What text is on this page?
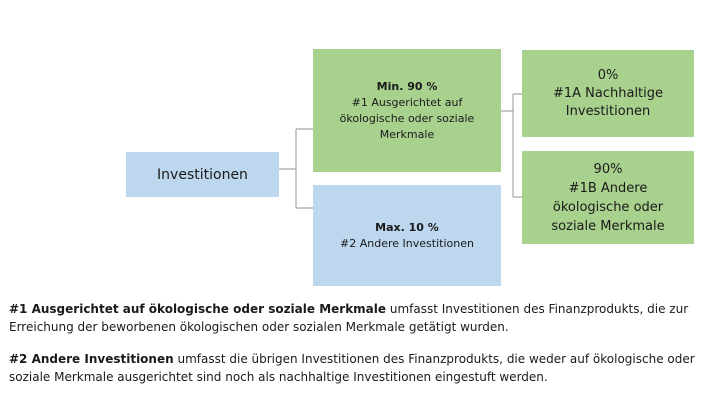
Investitionen
Min. 90 %
#1 Ausgerichtet auf
ökologische oder soziale
Merkmale
Max. 10 %
#2 Andere Investitionen
0%
#1A Nachhaltige
Investitionen
90%
#1B Andere
ökologische oder
soziale Merkmale
#1 Ausgerichtet auf ökologische oder soziale Merkmale umfasst Investitionen des Finanzprodukts, die zur Erreichung der beworbenen ökologischen oder sozialen Merkmale getätigt wurden.
#2 Andere Investitionen umfasst die übrigen Investitionen des Finanzprodukts, die weder auf ökologische oder soziale Merkmale ausgerichtet sind noch als nachhaltige Investitionen eingestuft werden.
